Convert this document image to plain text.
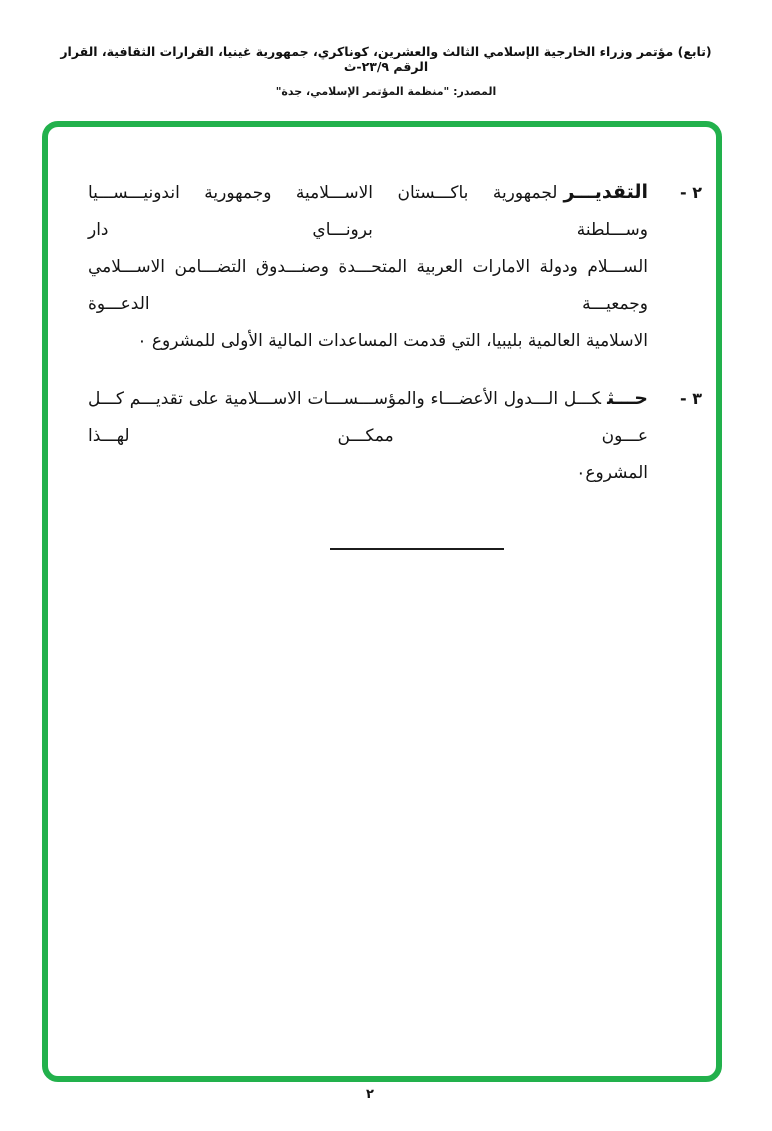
(تابع) مؤتمر وزراء الخارجية الإسلامي الثالث والعشرين، كوناكري، جمهورية غينيا، القرارات الثقافية، القرار الرقم ٢٣/٩-ث
المصدر: "منظمة المؤتمر الإسلامي، جدة"
٢ -
التقديـــرلجمهورية باكـــستان الاســـلامية وجمهورية اندونيـــســـيا وســـلطنة برونـــاي دار
الســـلام ودولة الامارات العربية المتحـــدة وصنـــدوق التضـــامن الاســـلامي وجمعيـــة الدعـــوة
الاسلامية العالمية بليبيا، التي قدمت المساعدات المالية الأولى للمشروع ٠
٣ -
حـــثكـــل الـــدول الأعضـــاء والمؤســـســـات الاســـلامية على تقديـــم كـــل عـــون ممكـــن لهـــذا
المشروع٠
٢
